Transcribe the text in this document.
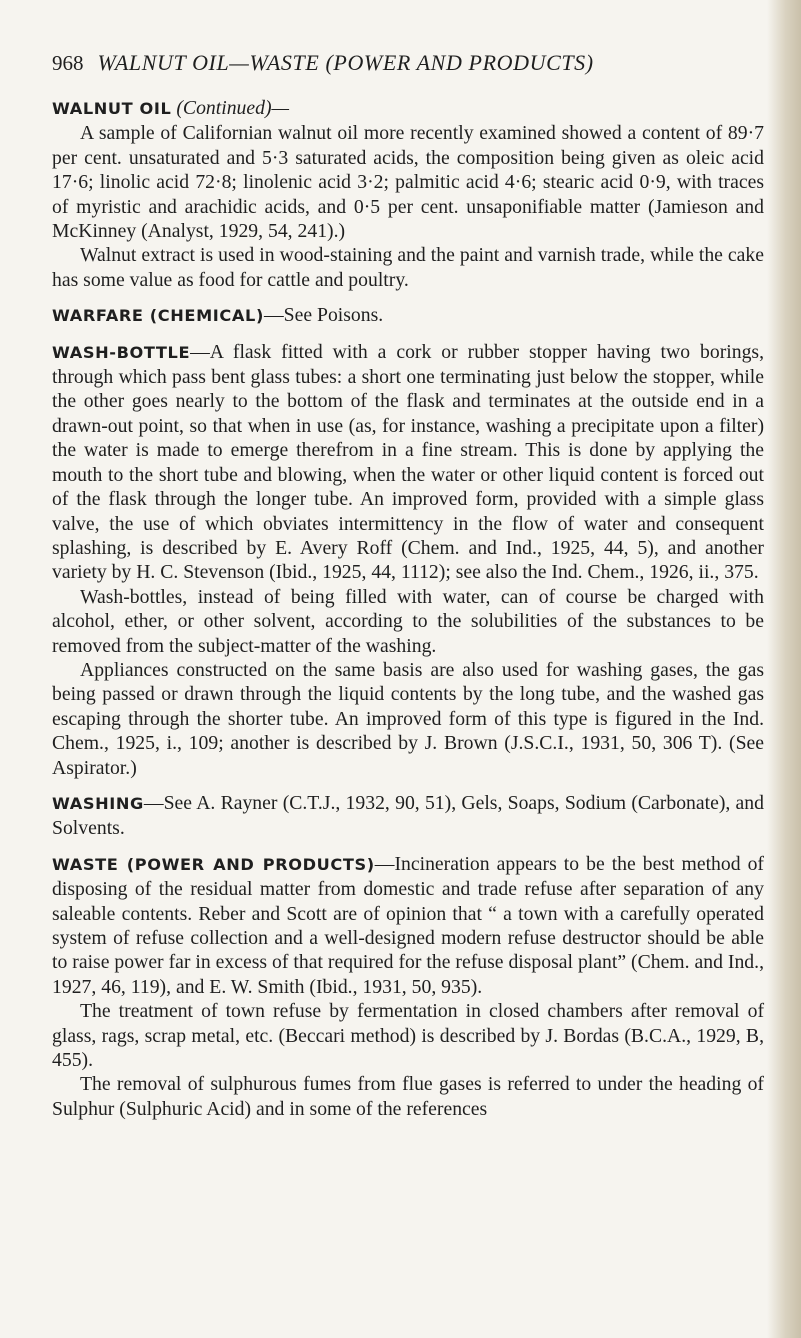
968 WALNUT OIL—WASTE (POWER AND PRODUCTS)

WALNUT OIL (Continued)—

A sample of Californian walnut oil more recently examined showed a content of 89·7 per cent. unsaturated and 5·3 saturated acids, the composition being given as oleic acid 17·6; linolic acid 72·8; linolenic acid 3·2; palmitic acid 4·6; stearic acid 0·9, with traces of myristic and arachidic acids, and 0·5 per cent. unsaponifiable matter (Jamieson and McKinney (Analyst, 1929, 54, 241).)

Walnut extract is used in wood-staining and the paint and varnish trade, while the cake has some value as food for cattle and poultry.

WARFARE (CHEMICAL)—See Poisons.

WASH-BOTTLE—A flask fitted with a cork or rubber stopper having two borings, through which pass bent glass tubes: a short one terminating just below the stopper, while the other goes nearly to the bottom of the flask and terminates at the outside end in a drawn-out point, so that when in use (as, for instance, washing a precipitate upon a filter) the water is made to emerge therefrom in a fine stream. This is done by applying the mouth to the short tube and blowing, when the water or other liquid content is forced out of the flask through the longer tube. An improved form, provided with a simple glass valve, the use of which obviates intermittency in the flow of water and consequent splashing, is described by E. Avery Roff (Chem. and Ind., 1925, 44, 5), and another variety by H. C. Stevenson (Ibid., 1925, 44, 1112); see also the Ind. Chem., 1926, ii., 375.

Wash-bottles, instead of being filled with water, can of course be charged with alcohol, ether, or other solvent, according to the solubilities of the substances to be removed from the subject-matter of the washing.

Appliances constructed on the same basis are also used for washing gases, the gas being passed or drawn through the liquid contents by the long tube, and the washed gas escaping through the shorter tube. An improved form of this type is figured in the Ind. Chem., 1925, i., 109; another is described by J. Brown (J.S.C.I., 1931, 50, 306 T). (See Aspirator.)

WASHING—See A. Rayner (C.T.J., 1932, 90, 51), Gels, Soaps, Sodium (Carbonate), and Solvents.

WASTE (POWER AND PRODUCTS)—Incineration appears to be the best method of disposing of the residual matter from domestic and trade refuse after separation of any saleable contents. Reber and Scott are of opinion that “ a town with a carefully operated system of refuse collection and a well-designed modern refuse destructor should be able to raise power far in excess of that required for the refuse disposal plant” (Chem. and Ind., 1927, 46, 119), and E. W. Smith (Ibid., 1931, 50, 935).

The treatment of town refuse by fermentation in closed chambers after removal of glass, rags, scrap metal, etc. (Beccari method) is described by J. Bordas (B.C.A., 1929, B, 455).

The removal of sulphurous fumes from flue gases is referred to under the heading of Sulphur (Sulphuric Acid) and in some of the references
